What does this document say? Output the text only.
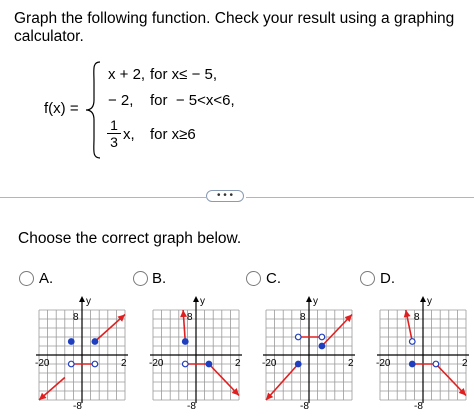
Graph the following function. Check your result using a graphing calculator.

f(x) =
x + 2, for x≤ − 5,
− 2, for  − 5<x<6,
1
3 x, for x≥6
• • •
Choose the correct graph below.
A.	B.	C.	D.
y
8
-8
-20	2
y
8
-8
-20	2
y
8
-8
-20	2
y
8
-8
-20	2
